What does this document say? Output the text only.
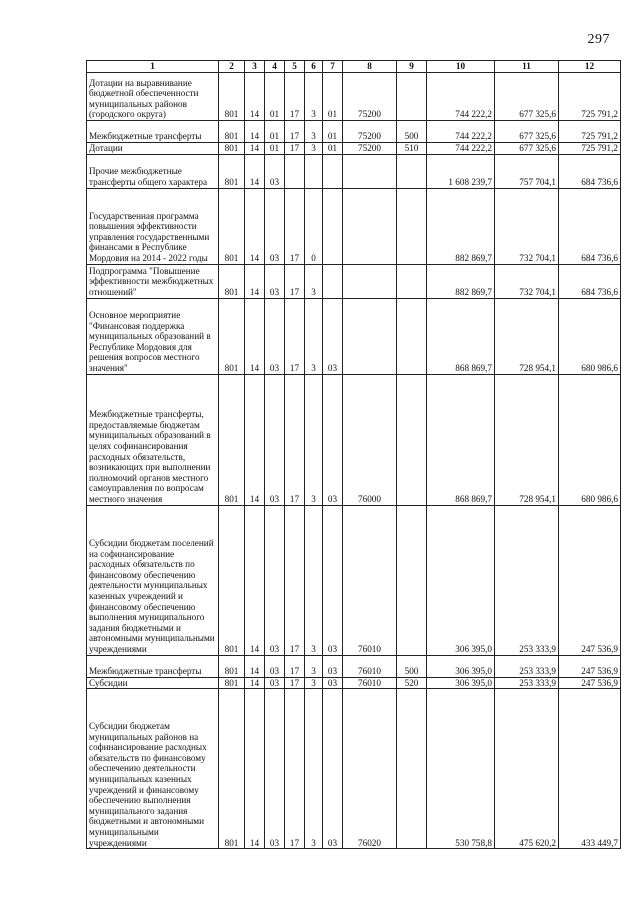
297
1	2	3	4	5	6	7	8	9	10	11	12
Дотации на выравнивание бюджетной обеспеченности муниципальных районов (городского округа)	801	14	01	17	3	01	75200		744 222,2	677 325,6	725 791,2
Межбюджетные трансферты	801	14	01	17	3	01	75200	500	744 222,2	677 325,6	725 791,2
Дотации	801	14	01	17	3	01	75200	510	744 222,2	677 325,6	725 791,2
Прочие межбюджетные трансферты общего характера	801	14	03						1 608 239,7	757 704,1	684 736,6
Государственная программа повышения эффективности управления государственными финансами в Республике Мордовия на 2014 - 2022 годы	801	14	03	17	0				882 869,7	732 704,1	684 736,6
Подпрограмма "Повышение эффективности межбюджетных отношений"	801	14	03	17	3				882 869,7	732 704,1	684 736,6
Основное мероприятие "Финансовая поддержка муниципальных образований в Республике Мордовия для решения вопросов местного значения"	801	14	03	17	3	03			868 869,7	728 954,1	680 986,6
Межбюджетные трансферты, предоставляемые бюджетам муниципальных образований в целях софинансирования расходных обязательств, возникающих при выполнении полномочий органов местного самоуправления по вопросам местного значения	801	14	03	17	3	03	76000		868 869,7	728 954,1	680 986,6
Субсидии бюджетам поселений на софинансирование расходных обязательств по финансовому обеспечению деятельности муниципальных казенных учреждений и финансовому обеспечению выполнения муниципального задания бюджетными и автономными муниципальными учреждениями	801	14	03	17	3	03	76010		306 395,0	253 333,9	247 536,9
Межбюджетные трансферты	801	14	03	17	3	03	76010	500	306 395,0	253 333,9	247 536,9
Субсидии	801	14	03	17	3	03	76010	520	306 395,0	253 333,9	247 536,9
Субсидии бюджетам муниципальных районов на софинансирование расходных обязательств по финансовому обеспечению деятельности муниципальных казенных учреждений и финансовому обеспечению выполнения муниципального задания бюджетными и автономными муниципальными учреждениями	801	14	03	17	3	03	76020		530 758,8	475 620,2	433 449,7
